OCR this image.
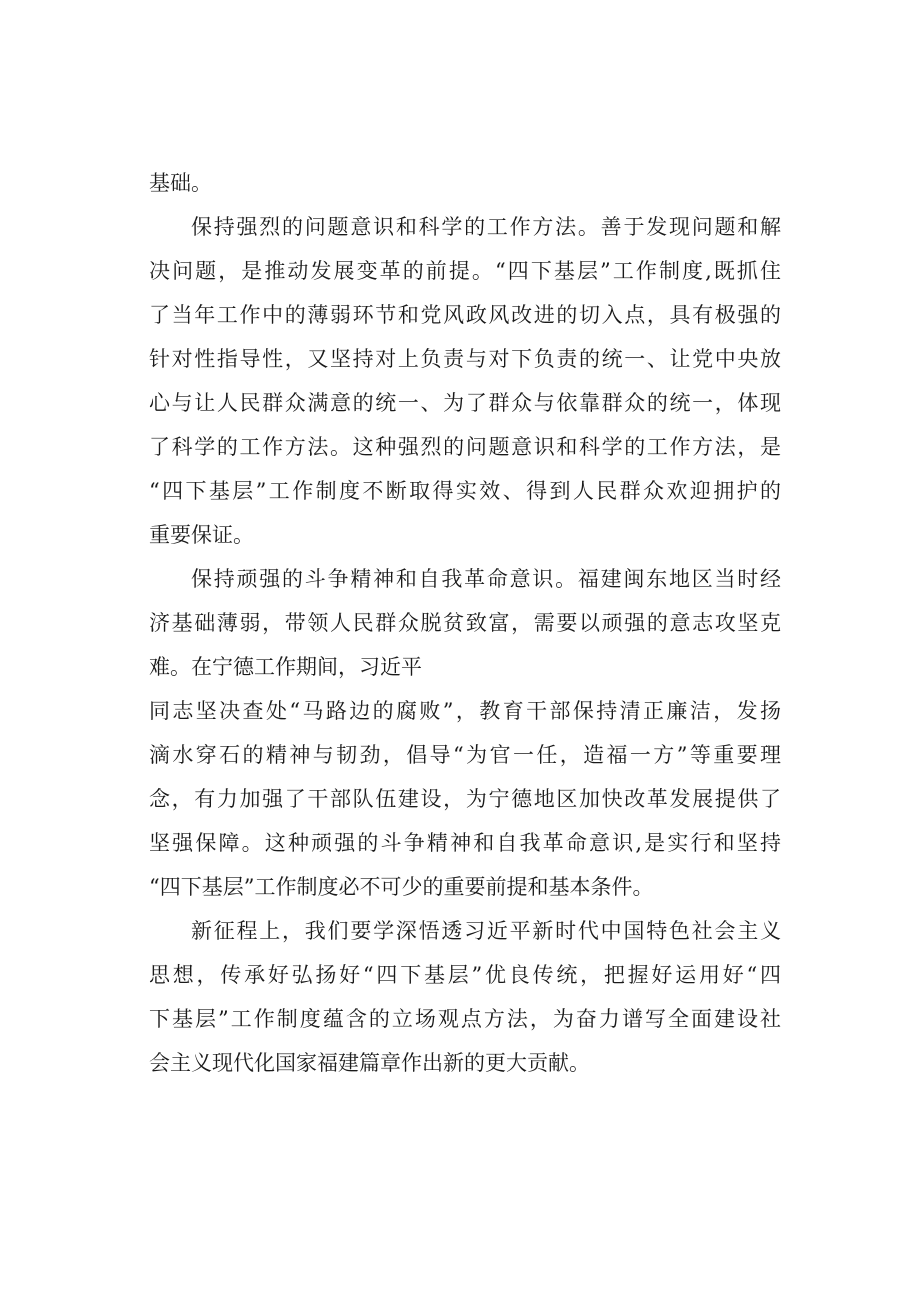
基础。
保持强烈的问题意识和科学的工作方法。善于发现问题和解
决问题，是推动发展变革的前提。“四下基层”工作制度,既抓住
了当年工作中的薄弱环节和党风政风改进的切入点，具有极强的
针对性指导性，又坚持对上负责与对下负责的统一、让党中央放
心与让人民群众满意的统一、为了群众与依靠群众的统一，体现
了科学的工作方法。这种强烈的问题意识和科学的工作方法，是
“四下基层”工作制度不断取得实效、得到人民群众欢迎拥护的
重要保证。
保持顽强的斗争精神和自我革命意识。福建闽东地区当时经
济基础薄弱，带领人民群众脱贫致富，需要以顽强的意志攻坚克
难。在宁德工作期间，习近平
同志坚决查处“马路边的腐败”，教育干部保持清正廉洁，发扬
滴水穿石的精神与韧劲，倡导“为官一任，造福一方”等重要理
念，有力加强了干部队伍建设，为宁德地区加快改革发展提供了
坚强保障。这种顽强的斗争精神和自我革命意识,是实行和坚持
“四下基层”工作制度必不可少的重要前提和基本条件。
新征程上，我们要学深悟透习近平新时代中国特色社会主义
思想，传承好弘扬好“四下基层”优良传统，把握好运用好“四
下基层”工作制度蕴含的立场观点方法，为奋力谱写全面建设社
会主义现代化国家福建篇章作出新的更大贡献。
